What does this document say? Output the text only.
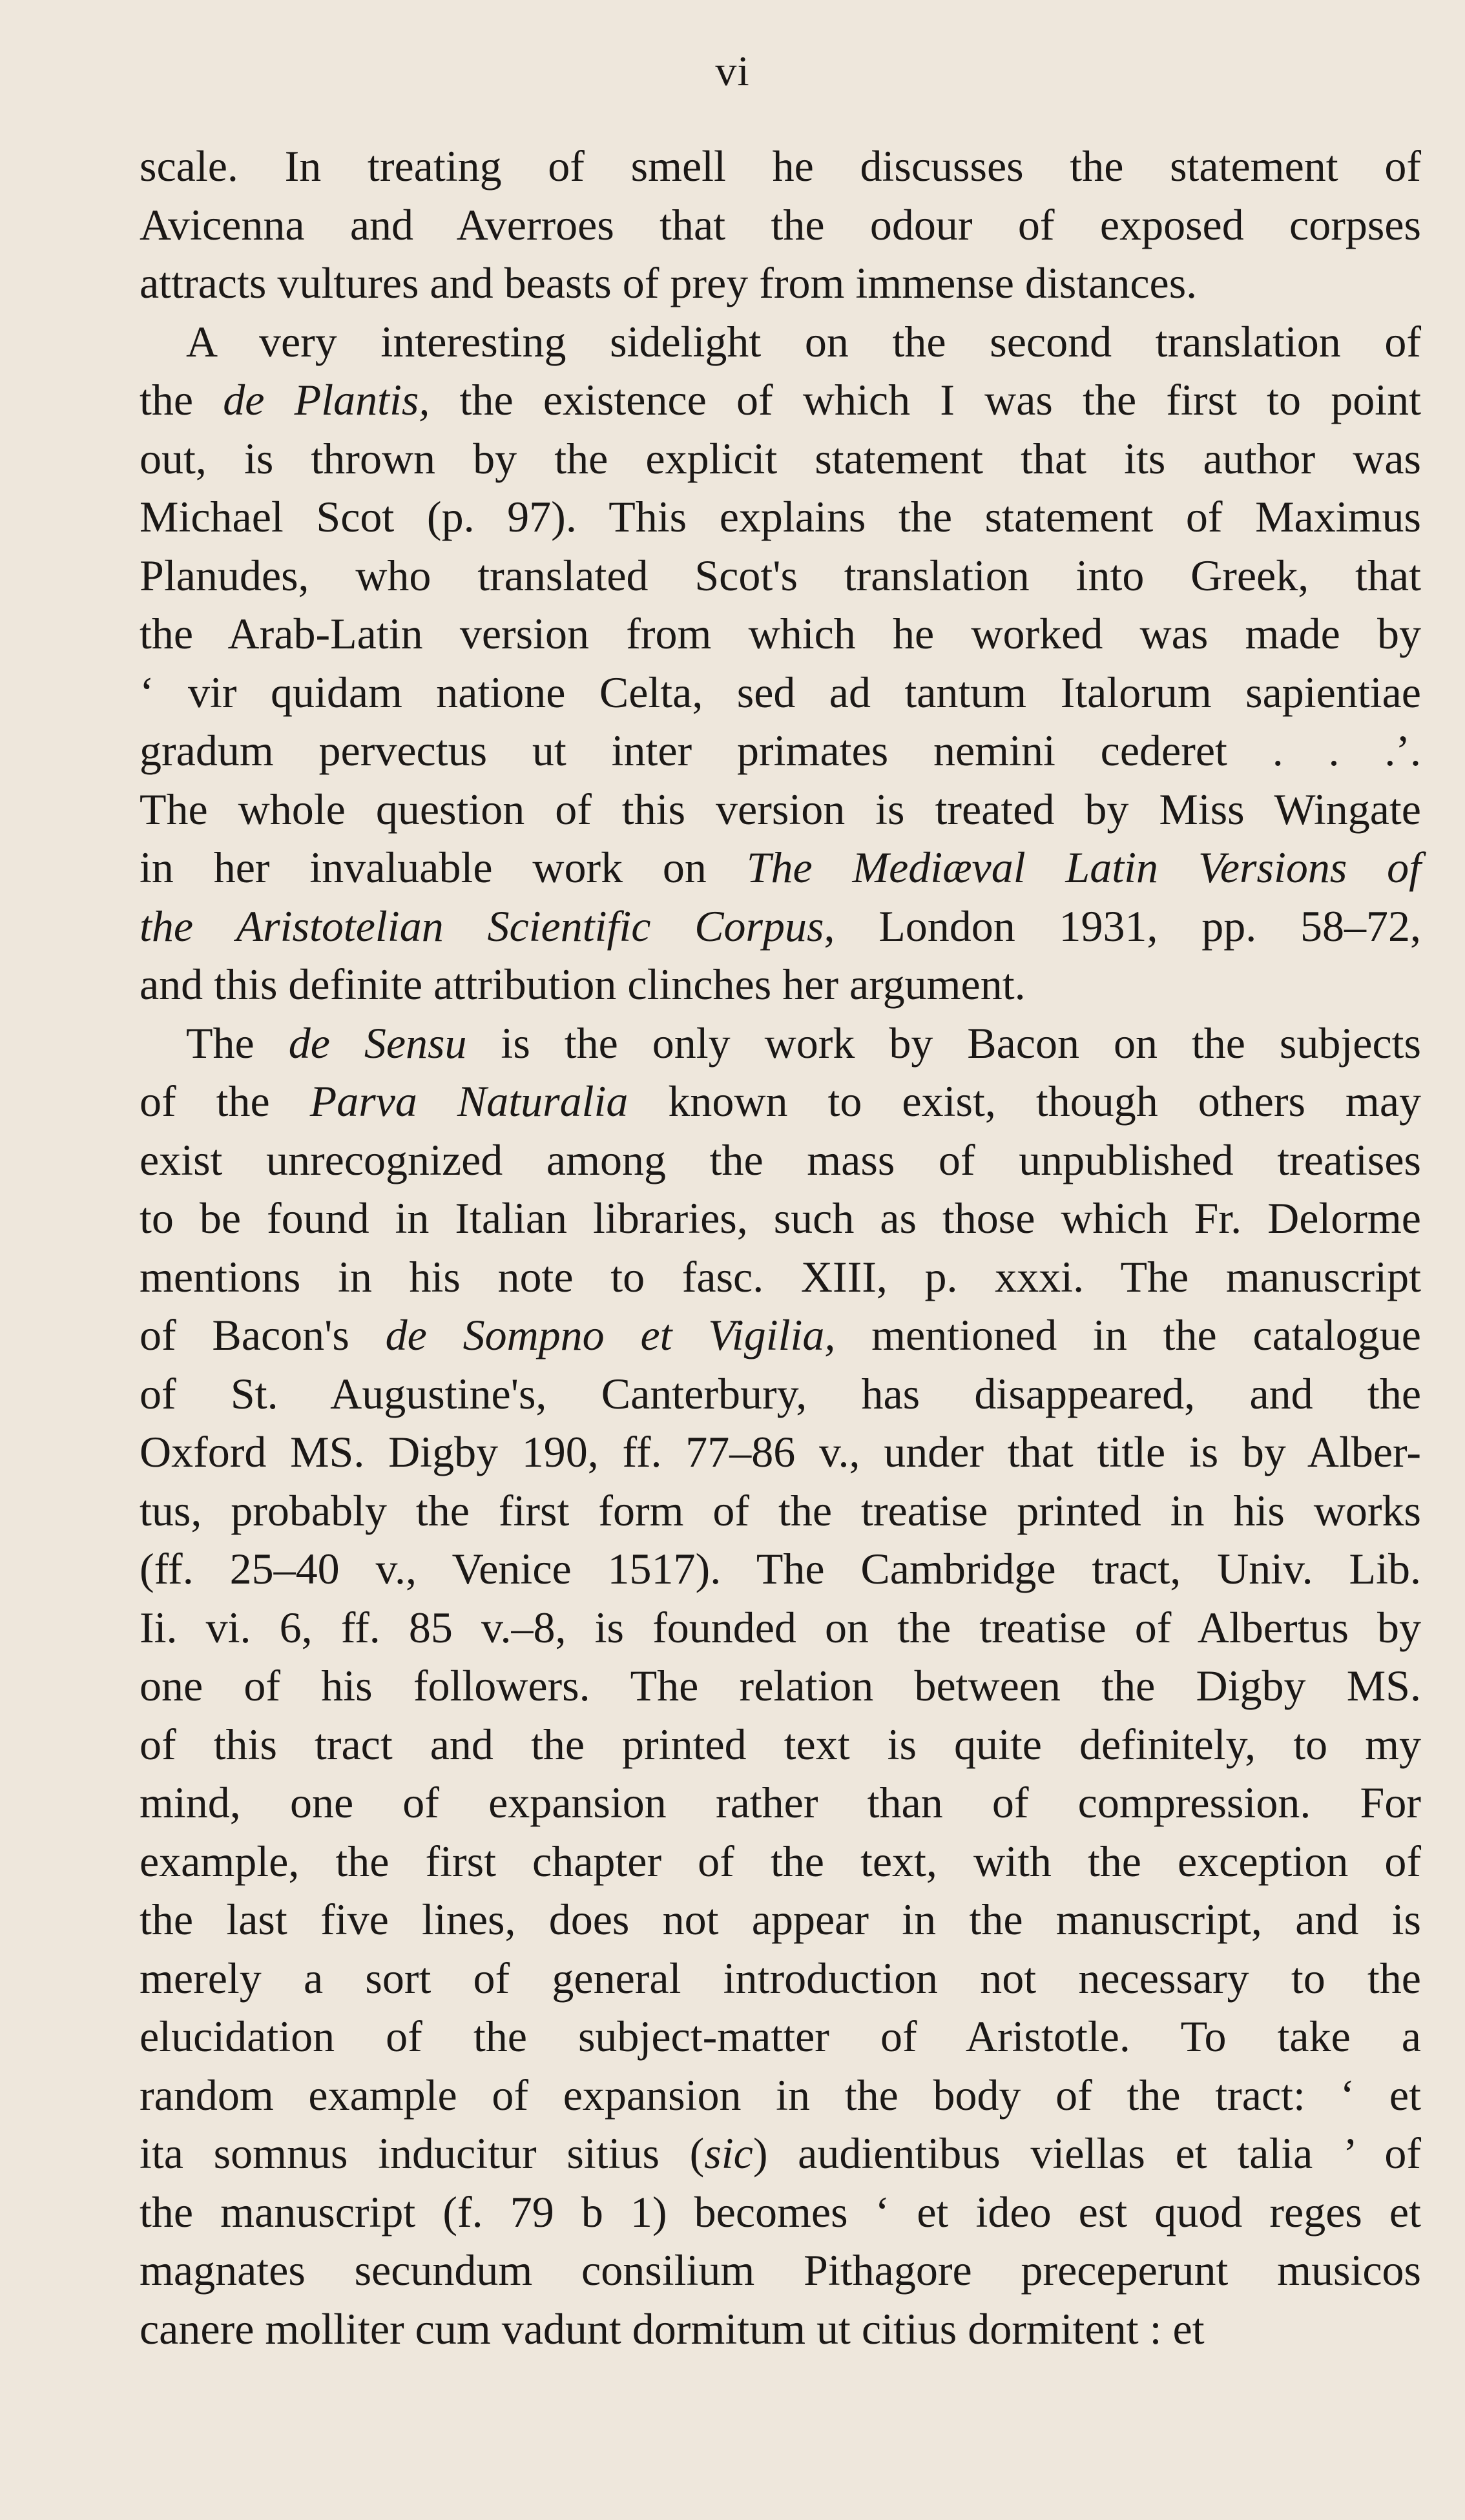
vi
scale. In treating of smell he discusses the statement of
Avicenna and Averroes that the odour of exposed corpses
attracts vultures and beasts of prey from immense distances.
A very interesting sidelight on the second translation of
the de Plantis, the existence of which I was the first to point
out, is thrown by the explicit statement that its author was
Michael Scot (p. 97). This explains the statement of Maximus
Planudes, who translated Scot's translation into Greek, that
the Arab-Latin version from which he worked was made by
‘ vir quidam natione Celta, sed ad tantum Italorum sapientiae
gradum pervectus ut inter primates nemini cederet . . .’.
The whole question of this version is treated by Miss Wingate
in her invaluable work on The Mediæval Latin Versions of
the Aristotelian Scientific Corpus, London 1931, pp. 58–72,
and this definite attribution clinches her argument.
The de Sensu is the only work by Bacon on the subjects
of the Parva Naturalia known to exist, though others may
exist unrecognized among the mass of unpublished treatises
to be found in Italian libraries, such as those which Fr. Delorme
mentions in his note to fasc. XIII, p. xxxi. The manuscript
of Bacon's de Sompno et Vigilia, mentioned in the catalogue
of St. Augustine's, Canterbury, has disappeared, and the
Oxford MS. Digby 190, ff. 77–86 v., under that title is by Alber-
tus, probably the first form of the treatise printed in his works
(ff. 25–40 v., Venice 1517). The Cambridge tract, Univ. Lib.
Ii. vi. 6, ff. 85 v.–8, is founded on the treatise of Albertus by
one of his followers. The relation between the Digby MS.
of this tract and the printed text is quite definitely, to my
mind, one of expansion rather than of compression. For
example, the first chapter of the text, with the exception of
the last five lines, does not appear in the manuscript, and is
merely a sort of general introduction not necessary to the
elucidation of the subject-matter of Aristotle. To take a
random example of expansion in the body of the tract: ‘ et
ita somnus inducitur sitius (sic) audientibus viellas et talia ’ of
the manuscript (f. 79 b 1) becomes ‘ et ideo est quod reges et
magnates secundum consilium Pithagore preceperunt musicos
canere molliter cum vadunt dormitum ut citius dormitent : et
